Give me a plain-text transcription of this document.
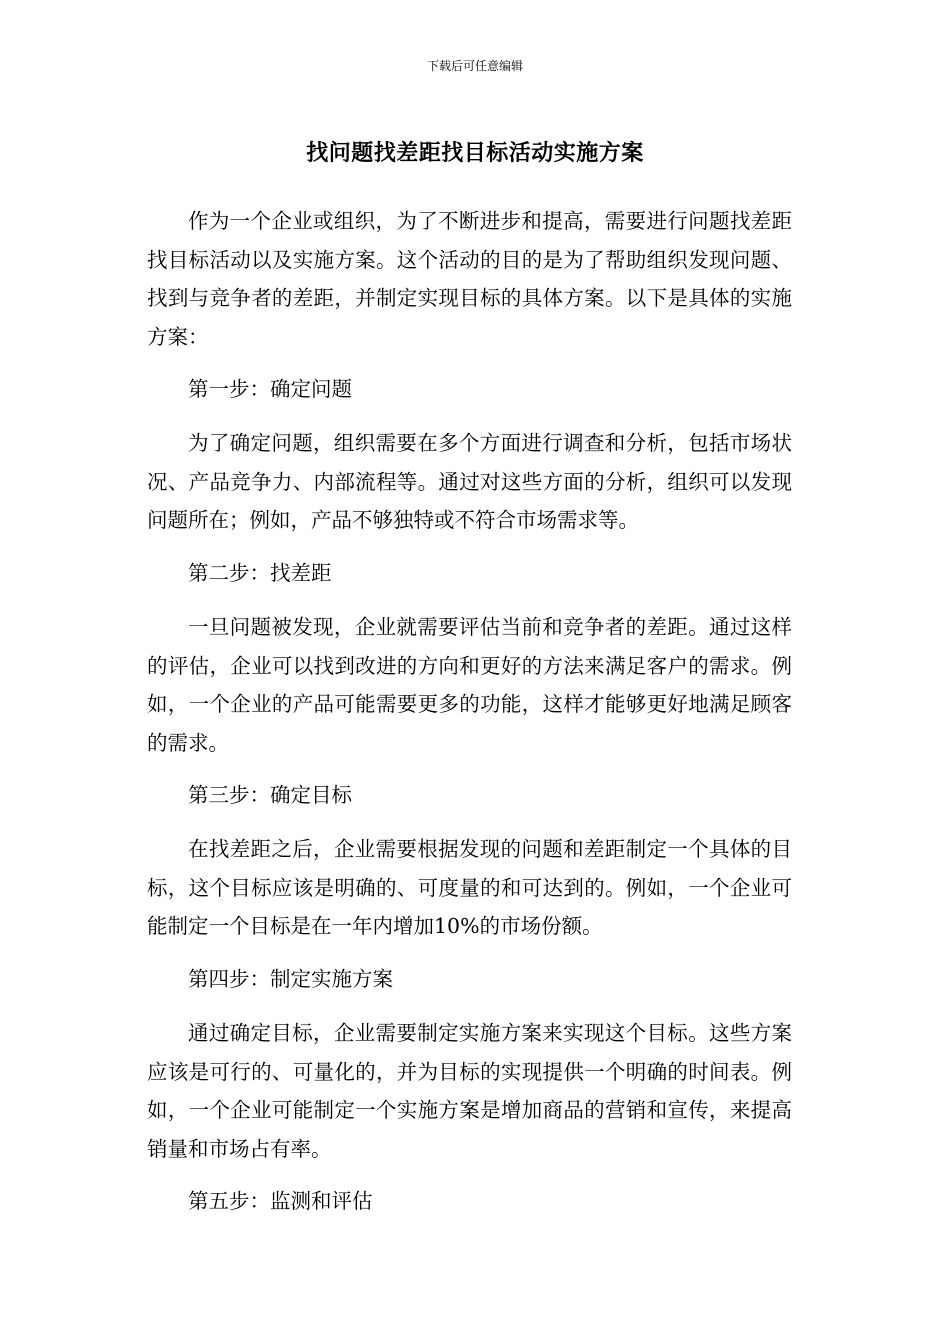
下载后可任意编辑
找问题找差距找目标活动实施方案

作为一个企业或组织，为了不断进步和提高，需要进行问题找差距找目标活动以及实施方案。这个活动的目的是为了帮助组织发现问题、找到与竞争者的差距，并制定实现目标的具体方案。以下是具体的实施方案：

第一步：确定问题

为了确定问题，组织需要在多个方面进行调查和分析，包括市场状况、产品竞争力、内部流程等。通过对这些方面的分析，组织可以发现问题所在；例如，产品不够独特或不符合市场需求等。

第二步：找差距

一旦问题被发现，企业就需要评估当前和竞争者的差距。通过这样的评估，企业可以找到改进的方向和更好的方法来满足客户的需求。例如，一个企业的产品可能需要更多的功能，这样才能够更好地满足顾客的需求。

第三步：确定目标

在找差距之后，企业需要根据发现的问题和差距制定一个具体的目标，这个目标应该是明确的、可度量的和可达到的。例如，一个企业可能制定一个目标是在一年内增加10%的市场份额。

第四步：制定实施方案

通过确定目标，企业需要制定实施方案来实现这个目标。这些方案应该是可行的、可量化的，并为目标的实现提供一个明确的时间表。例如，一个企业可能制定一个实施方案是增加商品的营销和宣传，来提高销量和市场占有率。

第五步：监测和评估
